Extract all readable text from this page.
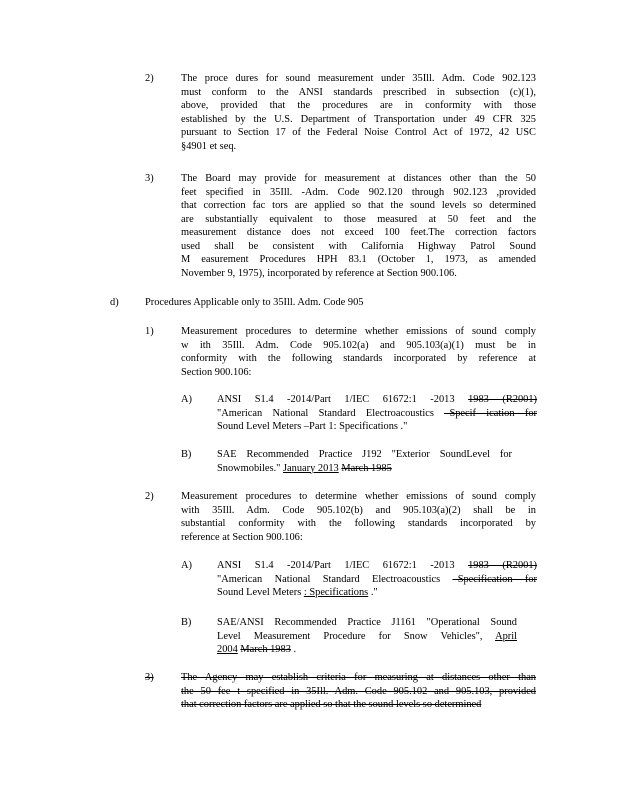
2)	The proce dures for sound measurement under 35Ill. Adm. Code 902.123
must conform to the ANSI standards prescribed in subsection (c)(1),
above, provided that the procedures are in conformity with those
established by the U.S. Department of Transportation under 49 CFR 325
pursuant to Section 17 of the Federal Noise Control Act of 1972, 42 USC
§4901 et seq.
3)	The Board may provide for measurement at distances other than the 50
feet specified in 35Ill. -Adm. Code 902.120 through 902.123 ,provided
that correction fac tors are applied so that the sound levels so determined
are substantially equivalent to those measured at 50 feet and the
measurement distance does not exceed 100 feet.The correction factors
used shall be consistent with California Highway Patrol Sound
M easurement Procedures HPH 83.1 (October 1, 1973, as amended
November 9, 1975), incorporated by reference at Section 900.106.
d)	Procedures Applicable only to 35Ill. Adm. Code 905
1)	Measurement procedures to determine whether emissions of sound comply
w ith 35Ill. Adm. Code 905.102(a) and 905.103(a)(1) must be in
conformity with the following standards incorporated by reference at
Section 900.106:
A) ANSI S1.4 -2014/Part 1/IEC 61672:1 -2013 1983 (R2001)
"American National Standard Electroacoustics –Specif ication for
Sound Level Meters –Part 1: Specifications ."
B) SAE Recommended Practice J192 "Exterior SoundLevel for
Snowmobiles." January 2013 March 1985
2)	Measurement procedures to determine whether emissions of sound comply
with 35Ill. Adm. Code 905.102(b) and 905.103(a)(2) shall be in
substantial conformity with the following standards incorporated by
reference at Section 900.106:
A) ANSI S1.4 -2014/Part 1/IEC 61672:1 -2013 1983 (R2001)
"American National Standard Electroacoustics –Specification for
Sound Level Meters : Specifications ."
B) SAE/ANSI Recommended Practice J1161 "Operational Sound
Level Measurement Procedure for Snow Vehicles", April
2004 March 1983 .
3)	The Agency may establish criteria for measuring at distances other than
the 50 fee t specified in 35Ill. Adm. Code 905.102 and 905.103, provided
that correction factors are applied so that the sound levels so determined
